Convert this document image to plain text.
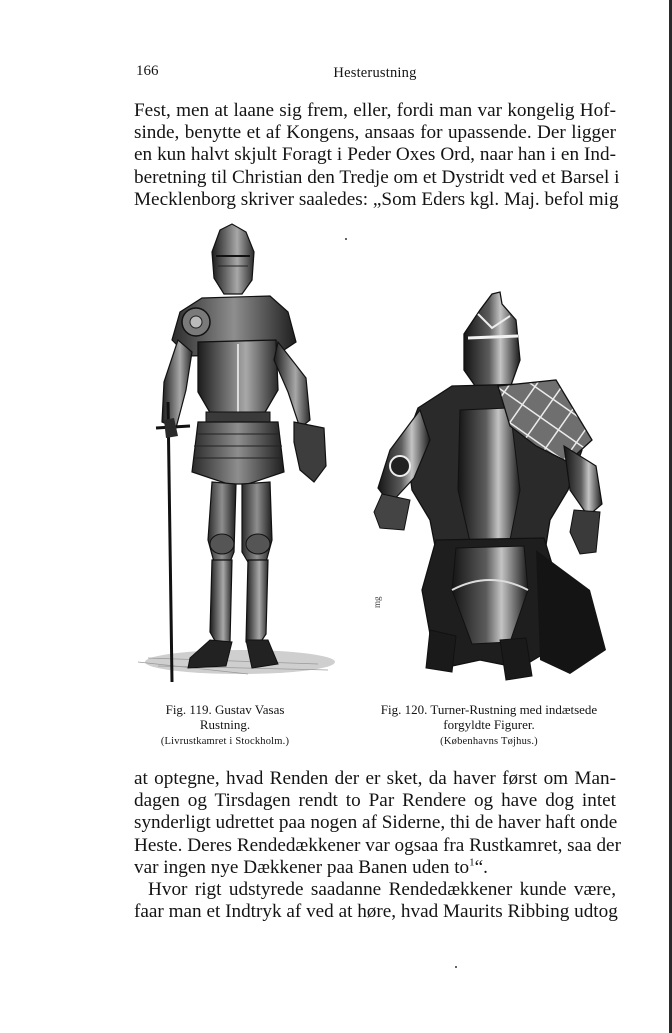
166	Hesterustning
Fest, men at laane sig frem, eller, fordi man var kongelig Hof-
sinde, benytte et af Kongens, ansaas for upassende. Der ligger
en kun halvt skjult Foragt i Peder Oxes Ord, naar han i en Ind-
beretning til Christian den Tredje om et Dystridt ved et Barsel i
Mecklenborg skriver saaledes: „Som Eders kgl. Maj. befol mig
mg
Fig. 119. Gustav Vasas
Rustning.
(Livrustkamret i Stockholm.)
Fig. 120. Turner-Rustning med indætsede
forgyldte Figurer.
(Københavns Tøjhus.)
at optegne, hvad Renden der er sket, da haver først om Man-
dagen og Tirsdagen rendt to Par Rendere og have dog intet
synderligt udrettet paa nogen af Siderne, thi de haver haft onde
Heste. Deres Rendedækkener var ogsaa fra Rustkamret, saa der
var ingen nye Dækkener paa Banen uden to$^1$“.
Hvor rigt udstyrede saadanne Rendedækkener kunde være,
faar man et Indtryk af ved at høre, hvad Maurits Ribbing udtog
